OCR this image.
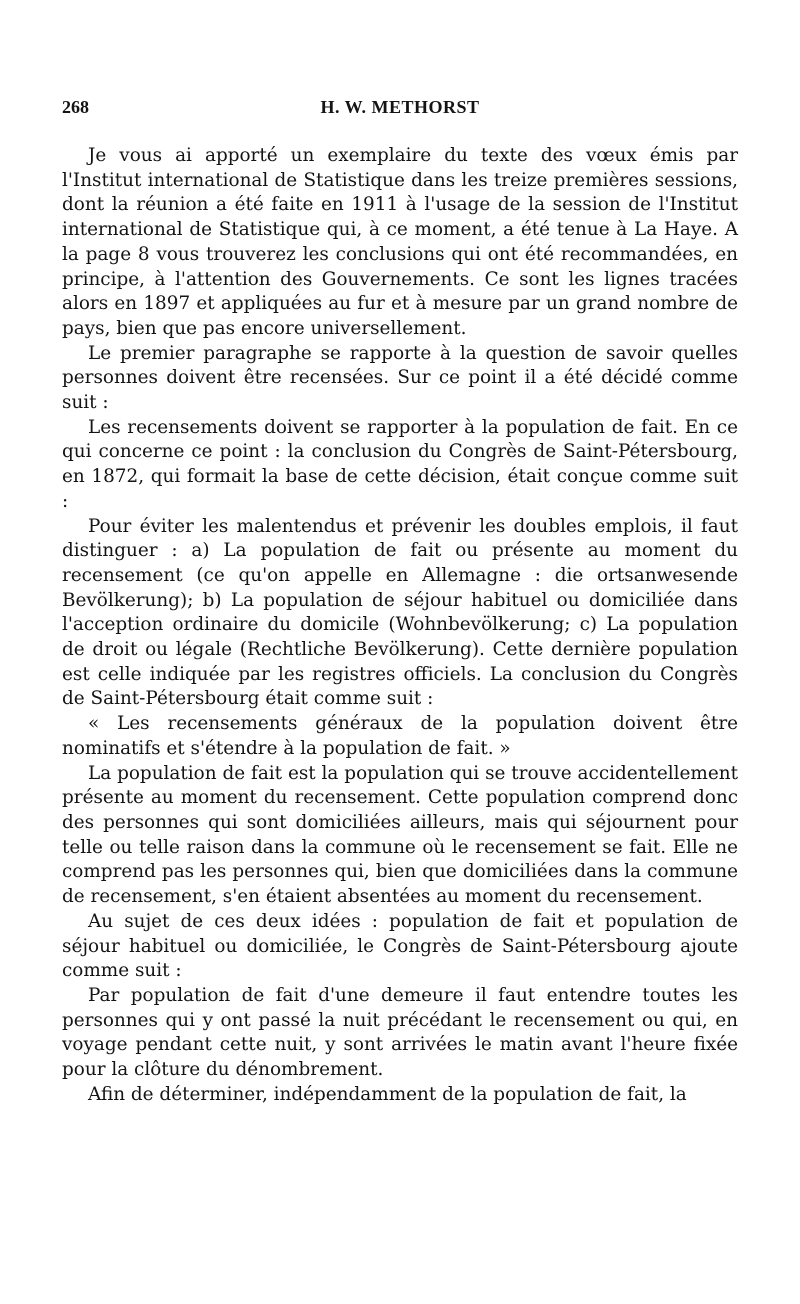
268	H. W. METHORST

Je vous ai apporté un exemplaire du texte des vœux émis par l'Institut international de Statistique dans les treize premières sessions, dont la réunion a été faite en 1911 à l'usage de la session de l'Institut international de Statistique qui, à ce moment, a été tenue à La Haye. A la page 8 vous trouverez les conclusions qui ont été recommandées, en principe, à l'attention des Gouvernements. Ce sont les lignes tracées alors en 1897 et appliquées au fur et à mesure par un grand nombre de pays, bien que pas encore universellement.

Le premier paragraphe se rapporte à la question de savoir quelles personnes doivent être recensées. Sur ce point il a été décidé comme suit :

Les recensements doivent se rapporter à la population de fait. En ce qui concerne ce point : la conclusion du Congrès de Saint-Pétersbourg, en 1872, qui formait la base de cette décision, était conçue comme suit :

Pour éviter les malentendus et prévenir les doubles emplois, il faut distinguer : a) La population de fait ou présente au moment du recensement (ce qu'on appelle en Allemagne : die ortsanwesende Bevölkerung); b) La population de séjour habituel ou domiciliée dans l'acception ordinaire du domicile (Wohnbevölkerung; c) La population de droit ou légale (Rechtliche Bevölkerung). Cette dernière population est celle indiquée par les registres officiels. La conclusion du Congrès de Saint-Pétersbourg était comme suit :

« Les recensements généraux de la population doivent être nominatifs et s'étendre à la population de fait. »

La population de fait est la population qui se trouve accidentellement présente au moment du recensement. Cette population comprend donc des personnes qui sont domiciliées ailleurs, mais qui séjournent pour telle ou telle raison dans la commune où le recensement se fait. Elle ne comprend pas les personnes qui, bien que domiciliées dans la commune de recensement, s'en étaient absentées au moment du recensement.

Au sujet de ces deux idées : population de fait et population de séjour habituel ou domiciliée, le Congrès de Saint-Pétersbourg ajoute comme suit :

Par population de fait d'une demeure il faut entendre toutes les personnes qui y ont passé la nuit précédant le recensement ou qui, en voyage pendant cette nuit, y sont arrivées le matin avant l'heure fixée pour la clôture du dénombrement.

Afin de déterminer, indépendamment de la population de fait, la
